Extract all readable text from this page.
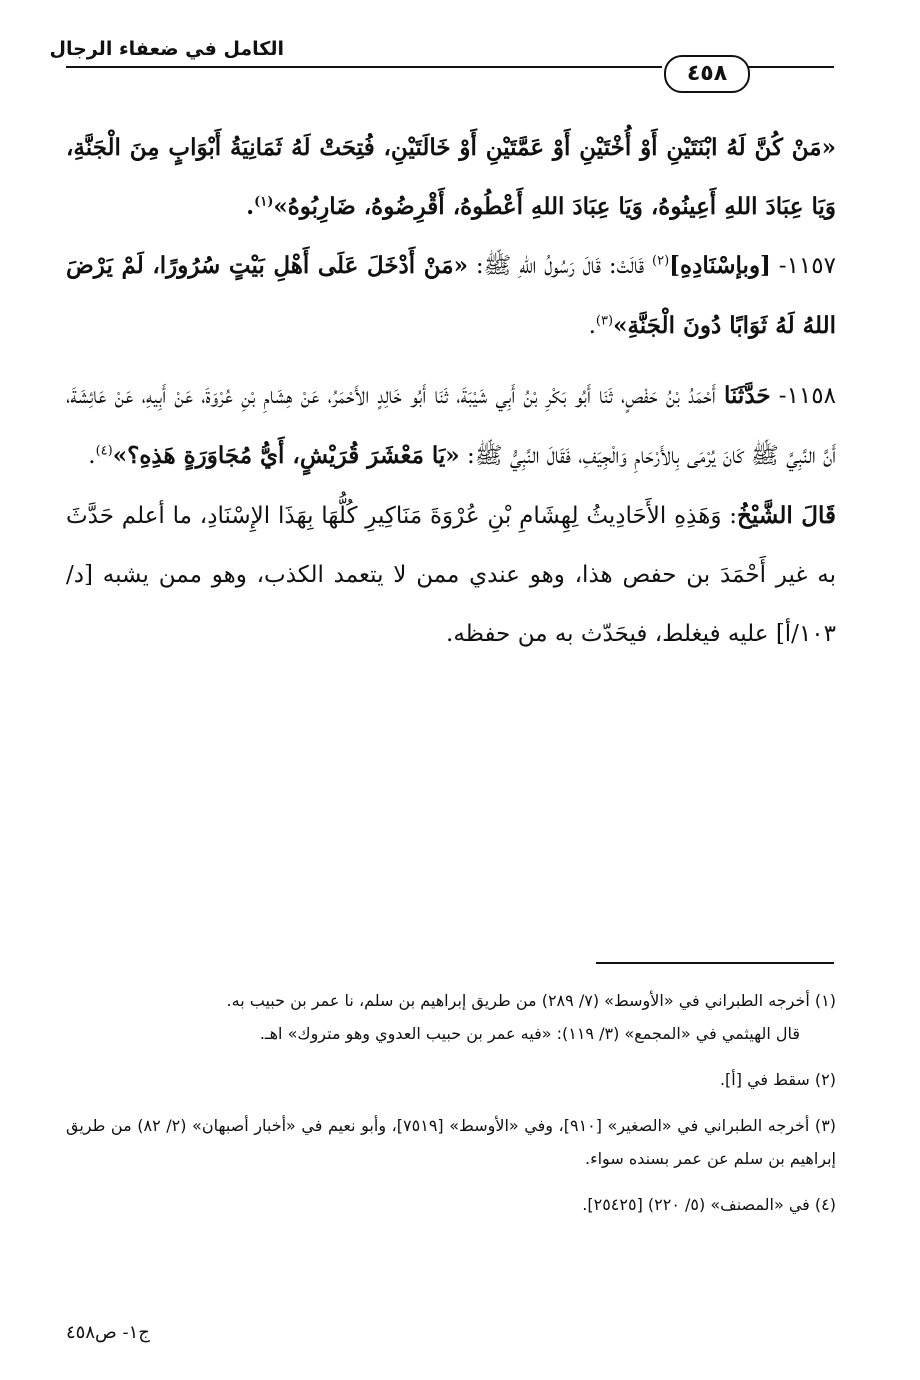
الكامل في ضعفاء الرجال
٤٥٨

«مَنْ كُنَّ لَهُ ابْنَتَيْنِ أَوْ أُخْتَيْنِ أَوْ عَمَّتَيْنِ أَوْ خَالَتَيْنِ، فُتِحَتْ لَهُ ثَمَانِيَةُ أَبْوَابٍ مِنَ الْجَنَّةِ، وَيَا عِبَادَ اللهِ أَعِينُوهُ، وَيَا عِبَادَ اللهِ أَعْطُوهُ، أَقْرِضُوهُ، ضَارِبُوهُ»$^{(١)}$.

١١٥٧- [وبإسْنَادِهِ]$^{(٢)}$ قَالَتْ: قَالَ رَسُولُ اللهِ ﷺ: «مَنْ أَدْخَلَ عَلَى أَهْلِ بَيْتٍ سُرُورًا، لَمْ يَرْضَ اللهُ لَهُ ثَوَابًا دُونَ الْجَنَّةِ»$^{(٣)}$.

١١٥٨- حَدَّثَنَا أَحْمَدُ بْنُ حَفْصٍ، ثَنَا أَبُو بَكْرِ بْنُ أَبِي شَيْبَةَ، ثَنَا أَبُو خَالِدٍ الأَحْمَرُ، عَنْ هِشَامِ بْنِ عُرْوَةَ، عَنْ أَبِيهِ، عَنْ عَائِشَةَ، أَنَّ النَّبِيَّ ﷺ كَانَ يُرْمَى بِالأَرْحَامِ وَالْجِيَفِ، فَقَالَ النَّبِيُّ ﷺ: «يَا مَعْشَرَ قُرَيْشٍ، أَيُّ مُجَاوَرَةٍ هَذِهِ؟»$^{(٤)}$.

قَالَ الشَّيْخُ: وَهَذِهِ الأَحَادِيثُ لِهِشَامِ بْنِ عُرْوَةَ مَنَاكِيرِ كُلُّهَا بِهَذَا الإِسْنَادِ، ما أعلم حَدَّثَ به غير أَحْمَدَ بن حفص هذا، وهو عندي ممن لا يتعمد الكذب، وهو ممن يشبه [د/١٠٣/أ] عليه فيغلط، فيحَدّث به من حفظه.

(١) أخرجه الطبراني في «الأوسط» (٧/ ٢٨٩) من طريق إبراهيم بن سلم، نا عمر بن حبيب به.
قال الهيثمي في «المجمع» (٣/ ١١٩): «فيه عمر بن حبيب العدوي وهو متروك» اهـ.
(٢) سقط في [أ].
(٣) أخرجه الطبراني في «الصغير» [٩١٠]، وفي «الأوسط» [٧٥١٩]، وأبو نعيم في «أخبار أصبهان» (٢/ ٨٢) من طريق إبراهيم بن سلم عن عمر بسنده سواء.
(٤) في «المصنف» (٥/ ٢٢٠) [٢٥٤٢٥].
ج١- ص٤٥٨
